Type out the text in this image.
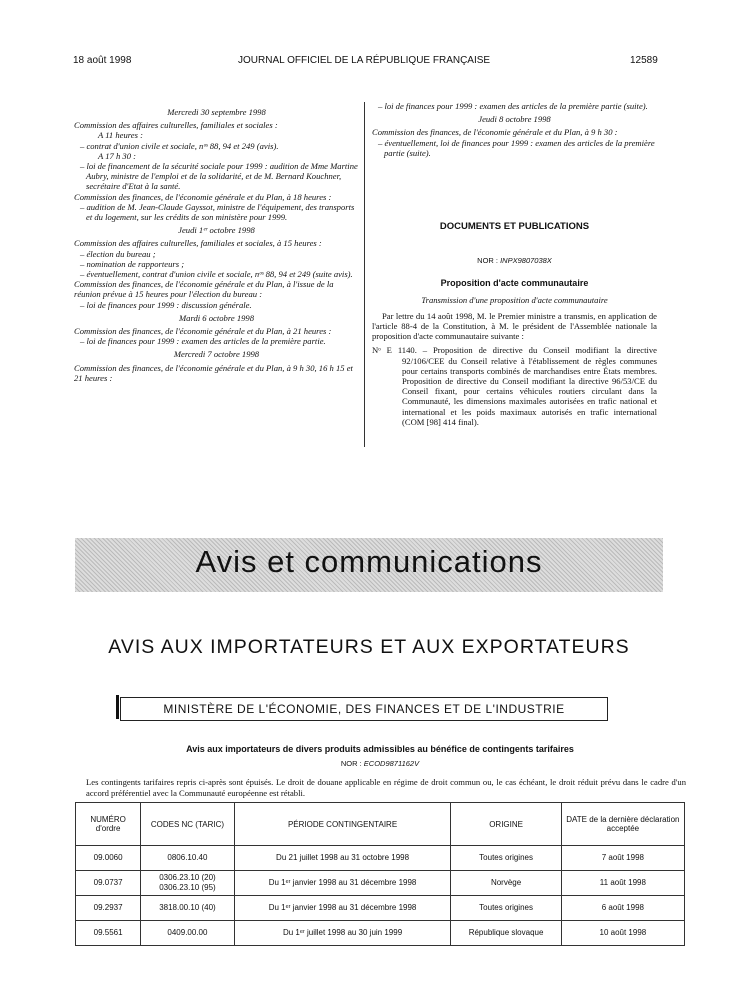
18 août 1998	JOURNAL OFFICIEL DE LA RÉPUBLIQUE FRANÇAISE	12589

Mercredi 30 septembre 1998

Commission des affaires culturelles, familiales et sociales :

A 11 heures :

– contrat d'union civile et sociale, nᵒˢ 88, 94 et 249 (avis).

A 17 h 30 :

– loi de financement de la sécurité sociale pour 1999 : audition de Mme Martine Aubry, ministre de l'emploi et de la solidarité, et de M. Bernard Kouchner, secrétaire d'Etat à la santé.

Commission des finances, de l'économie générale et du Plan, à 18 heures :

– audition de M. Jean-Claude Gayssot, ministre de l'équipement, des transports et du logement, sur les crédits de son ministère pour 1999.

Jeudi 1ᵉʳ octobre 1998

Commission des affaires culturelles, familiales et sociales, à 15 heures :

– élection du bureau ;

– nomination de rapporteurs ;

– éventuellement, contrat d'union civile et sociale, nᵒˢ 88, 94 et 249 (suite avis).

Commission des finances, de l'économie générale et du Plan, à l'issue de la réunion prévue à 15 heures pour l'élection du bureau :

– loi de finances pour 1999 : discussion générale.

Mardi 6 octobre 1998

Commission des finances, de l'économie générale et du Plan, à 21 heures :

– loi de finances pour 1999 : examen des articles de la première partie.

Mercredi 7 octobre 1998

Commission des finances, de l'économie générale et du Plan, à 9 h 30, 16 h 15 et 21 heures :

– loi de finances pour 1999 : examen des articles de la première partie (suite).

Jeudi 8 octobre 1998

Commission des finances, de l'économie générale et du Plan, à 9 h 30 :

– éventuellement, loi de finances pour 1999 : examen des articles de la première partie (suite).

DOCUMENTS ET PUBLICATIONS

NOR : INPX9807038X

Proposition d'acte communautaire

Transmission d'une proposition d'acte communautaire

Par lettre du 14 août 1998, M. le Premier ministre a transmis, en application de l'article 88-4 de la Constitution, à M. le président de l'Assemblée nationale la proposition d'acte communautaire suivante :

Nᵒ E 1140. – Proposition de directive du Conseil modifiant la directive 92/106/CEE du Conseil relative à l'établissement de règles communes pour certains transports combinés de marchandises entre États membres. Proposition de directive du Conseil modifiant la directive 96/53/CE du Conseil fixant, pour certains véhicules routiers circulant dans la Communauté, les dimensions maximales autorisées en trafic national et international et les poids maximaux autorisés en trafic international (COM [98] 414 final).

Avis et communications
AVIS AUX IMPORTATEURS ET AUX EXPORTATEURS
MINISTÈRE DE L'ÉCONOMIE, DES FINANCES ET DE L'INDUSTRIE
Avis aux importateurs de divers produits admissibles au bénéfice de contingents tarifaires
NOR : ECOD9871162V
Les contingents tarifaires repris ci-après sont épuisés. Le droit de douane applicable en régime de droit commun ou, le cas échéant, le droit réduit prévu dans le cadre d'un accord préférentiel avec la Communauté européenne est rétabli.
NUMÉRO d'ordre	CODES NC (TARIC)	PÉRIODE CONTINGENTAIRE	ORIGINE	DATE de la dernière déclaration acceptée
09.0060	0806.10.40	Du 21 juillet 1998 au 31 octobre 1998	Toutes origines	7 août 1998
09.0737	0306.23.10 (20)
0306.23.10 (95)	Du 1ᵉʳ janvier 1998 au 31 décembre 1998	Norvège	11 août 1998
09.2937	3818.00.10 (40)	Du 1ᵉʳ janvier 1998 au 31 décembre 1998	Toutes origines	6 août 1998
09.5561	0409.00.00	Du 1ᵉʳ juillet 1998 au 30 juin 1999	République slovaque	10 août 1998
